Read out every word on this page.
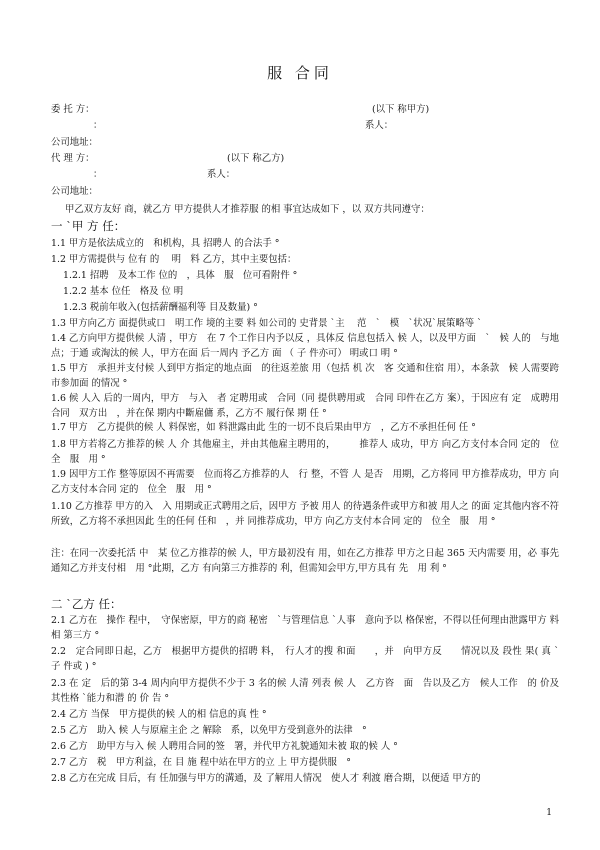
服 合同
委 托 方：	(以下 称甲方)
：	系人：
公司地址：
代 理 方：	(以下 称乙方)
：	系人：
公司地址：
甲乙双方友好 商，就乙方 甲方提供人才推荐服 的相 事宜达成如下 ，以 双方共同遵守：
一 ˋ甲 方 任：
1.1 甲方是依法成立的　和机构，具 招聘人 的合法手 °
1.2 甲方需提供与 位有 的　 明　料 乙方，其中主要包括：
1.2.1 招聘　及本工作 位的　，具体　服　位可看附件 °
1.2.2 基本 位任　格及 位 明
1.2.3 税前年收入(包括薪酬福利等 目及数量) °
1.3 甲方向乙方 面提供或口　明工作 境的主要 料 如公司的 史背景 ˋ主　 范　ˋ　模　ˋ状况ˋ展策略等 ˋ
1.4 乙方向甲方提供候 人清 ，甲方　在 7 个工作日内予以反 ，具体反 信息包括入 候 人，以及甲方面　ˋ　候 人的　与地点；于通 或淘汰的候 人，甲方在面 后一周内 予乙方 面 （ 子 件亦可） 明或口 明 °
1.5 甲方　承担并支付候 人到甲方指定的地点面　的往返差旅 用（包括 机 次　客 交通和住宿 用），本条款　候 人需要跨市参加面 的情况 °
1.6 候 人入 后的一周内，甲方　与入　者 定聘用或　合同（同 提供聘用或　合同 印件在乙方 案），于因应有 定　成聘用合同　双方出　，并在保 期内中斷雇傭 系，乙方不 履行保 期 任 °
1.7 甲方　乙方提供的候 人 料保密，如 料泄露由此 生的一切不良后果由甲方　，乙方不承担任何 任 °
1.8 甲方若将乙方推荐的候 人 介 其他雇主，并由其他雇主聘用的，　　　推荐人 成功，甲方 向乙方支付本合同 定的　位全　服　用 °
1.9 因甲方工作 整等原因不再需要　位而将乙方推荐的人　行 整，不管 人 是否　用期，乙方将同 甲方推荐成功，甲方 向乙方支付本合同 定的　位全　服　用 °
1.10 乙方推荐 甲方的入　入 用期或正式聘用之后，因甲方 予被 用人 的待遇条件或甲方和被 用人之 的面 定其他内容不符所致，乙方将不承担因此 生的任何 任和　，并 同推荐成功，甲方 向乙方支付本合同 定的　位全　服　用 °
注：在同一次委托活 中　某 位乙方推荐的候 人，甲方最初没有 用，如在乙方推荐 甲方之日起 365 天内需要 用，必 事先通知乙方并支付相　用 °此期，乙方 有向第三方推荐的 利，但需知会甲方,甲方具有 先　用 利 °
二 ˋ乙方 任：
2.1 乙方在　操作 程中，　守保密原，甲方的商 秘密　ˋ与管理信息 ˋ人事　意向予以 格保密，不得以任何理由泄露甲方 料 相 第三方 °
2.2　定合同即日起，乙方　根据甲方提供的招聘 料，　行人才的搜 和面　　，并　向甲方反　　情况以及 段性 果( 真 ˋ 子 件或 ) °
2.3 在 定　后的第 3-4 周内向甲方提供不少于 3 名的候 人清 列表 候 人　乙方咨　面　告以及乙方　候人工作　的 价及 其性格 ˋ能力和潜 的 价 告 °
2.4 乙方 当保　甲方提供的候 人的相 信息的真 性 °
2.5 乙方　助入 候 人与原雇主企 之 解除　系，以免甲方受到意外的法律　°
2.6 乙方　助甲方与入 候 人聘用合同的签　署，并代甲方礼貌通知未被 取的候 人 °
2.7 乙方　税　甲方利益，在 目 施 程中站在甲方的立 上 甲方提供服　°
2.8 乙方在完成 目后，有 任加强与甲方的溝通，及 了解用人情况　使人才 利渡 磨合期，以便适 甲方的
1
